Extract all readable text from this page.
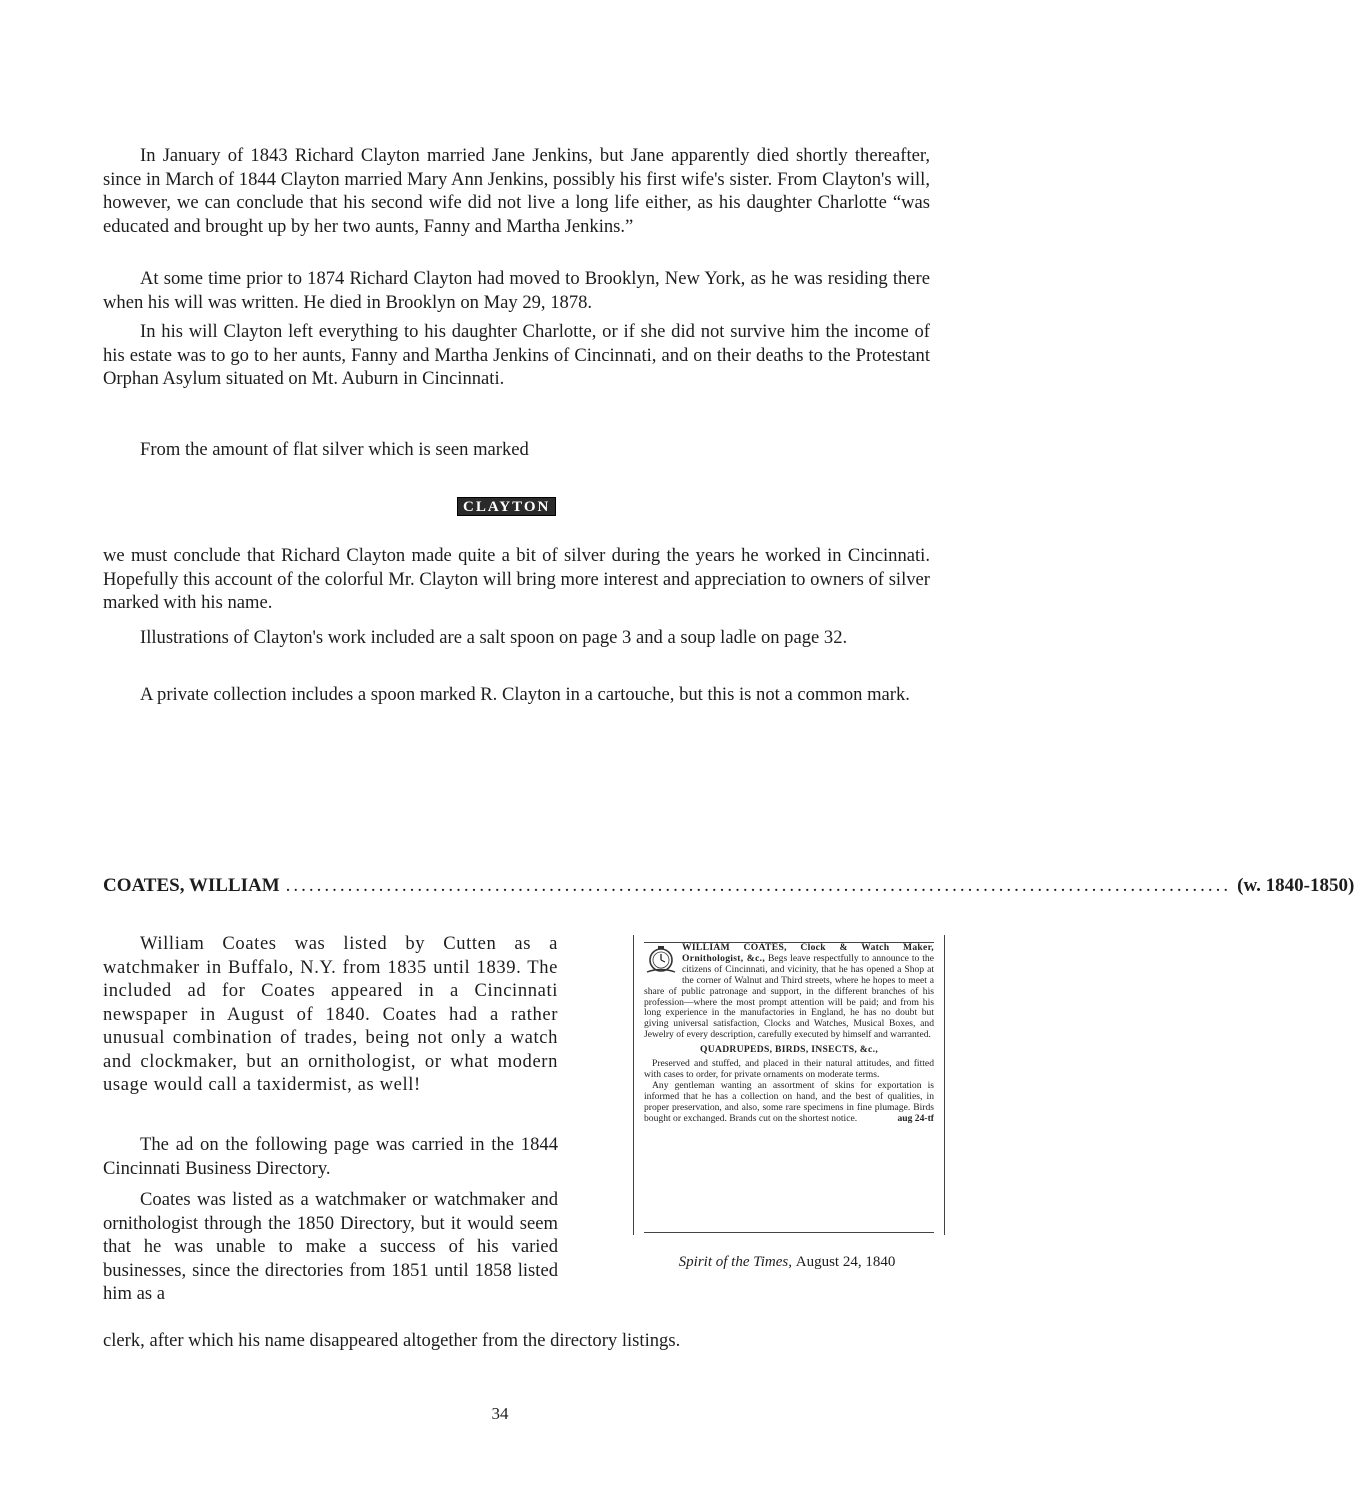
In January of 1843 Richard Clayton married Jane Jenkins, but Jane apparently died shortly thereafter, since in March of 1844 Clayton married Mary Ann Jenkins, possibly his first wife's sister. From Clayton's will, however, we can conclude that his second wife did not live a long life either, as his daughter Charlotte “was educated and brought up by her two aunts, Fanny and Martha Jenkins.”

At some time prior to 1874 Richard Clayton had moved to Brooklyn, New York, as he was residing there when his will was written. He died in Brooklyn on May 29, 1878.

In his will Clayton left everything to his daughter Charlotte, or if she did not survive him the income of his estate was to go to her aunts, Fanny and Martha Jenkins of Cincinnati, and on their deaths to the Protestant Orphan Asylum situated on Mt. Auburn in Cincinnati.

From the amount of flat silver which is seen marked

CLAYTON

we must conclude that Richard Clayton made quite a bit of silver during the years he worked in Cincinnati. Hopefully this account of the colorful Mr. Clayton will bring more interest and appreciation to owners of silver marked with his name.

Illustrations of Clayton's work included are a salt spoon on page 3 and a soup ladle on page 32.

A private collection includes a spoon marked R. Clayton in a cartouche, but this is not a common mark.

COATES, WILLIAM .......................................................................................................................... (w. 1840-1850)

William Coates was listed by Cutten as a watchmaker in Buffalo, N.Y. from 1835 until 1839. The included ad for Coates appeared in a Cincinnati newspaper in August of 1840. Coates had a rather unusual combination of trades, being not only a watch and clockmaker, but an ornithologist, or what modern usage would call a taxidermist, as well!

The ad on the following page was carried in the 1844 Cincinnati Business Directory.

Coates was listed as a watchmaker or watchmaker and ornithologist through the 1850 Directory, but it would seem that he was unable to make a success of his varied businesses, since the directories from 1851 until 1858 listed him as a

clerk, after which his name disappeared altogether from the directory listings.

WILLIAM COATES, Clock & Watch Maker, Ornithologist, &c., Begs leave respectfully to announce to the citizens of Cincinnati, and vicinity, that he has opened a Shop at the corner of Walnut and Third streets, where he hopes to meet a share of public patronage and support, in the different branches of his profession—where the most prompt attention will be paid; and from his long experience in the manufactories in England, he has no doubt but giving universal satisfaction, Clocks and Watches, Musical Boxes, and Jewelry of every description, carefully executed by himself and warranted.
QUADRUPEDS, BIRDS, INSECTS, &c.,
Preserved and stuffed, and placed in their natural attitudes, and fitted with cases to order, for private ornaments on moderate terms.
Any gentleman wanting an assortment of skins for exportation is informed that he has a collection on hand, and the best of qualities, in proper preservation, and also, some rare specimens in fine plumage. Birds bought or exchanged. Brands cut on the shortest notice.	aug 24-tf
Spirit of the Times, August 24, 1840
34
